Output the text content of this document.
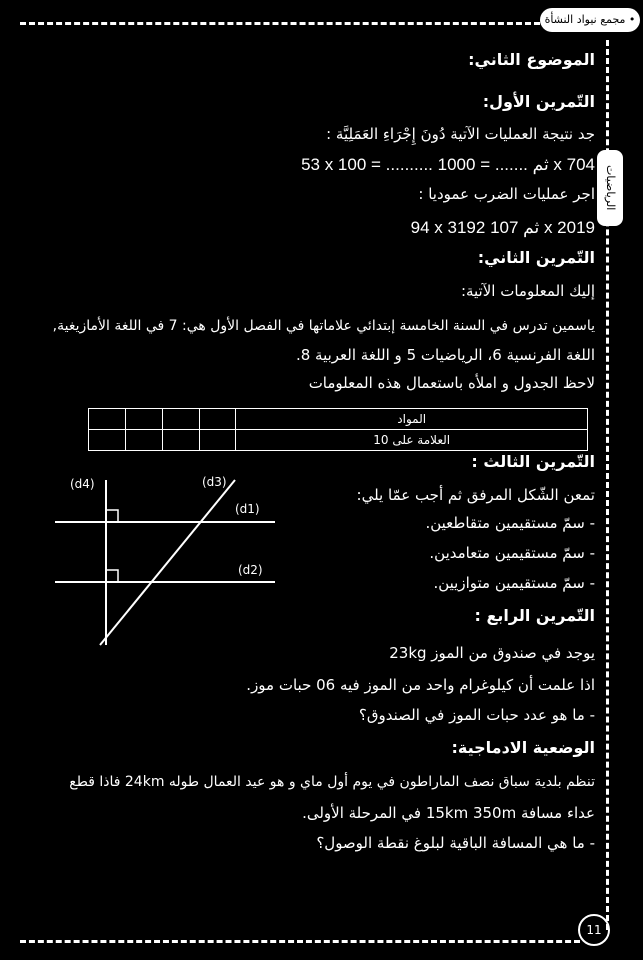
• مجمع نيواد النشأة ق
الرياضيات
11
الموضوع الثاني:
التّمرين الأول:
جد نتيجة العمليات الآتية دُونَ إِجْرَاءِ العَمَلِيَّة :
53 x 100 = .......... ثم ....... = 1000 x 704
اجر عمليات الضرب عموديا :
94 x 3192 ثم 107 x 2019
التّمرين الثاني:
إليك المعلومات الآتية:
ياسمين تدرس في السنة الخامسة إبتدائي علاماتها في الفصل الأول هي: 7 في اللغة الأمازيغية,
اللغة الفرنسية 6، الرياضيات 5 و اللغة العربية 8.
لاحظ الجدول و املأه باستعمال هذه المعلومات
				المواد
				العلامة على 10
التّمرين الثالث :
تمعن الشّكل المرفق ثم أجب عمّا يلي:
- سمّ مستقيمين متقاطعين.
- سمّ مستقيمين متعامدين.
- سمّ مستقيمين متوازيين.
(d4)	(d3)
(d1)
(d2)
التّمرين الرابع :
يوجد في صندوق من الموز 23kg
اذا علمت أن كيلوغرام واحد من الموز فيه 06 حبات موز.
- ما هو عدد حبات الموز في الصندوق؟
الوضعية الادماجية:
تنظم بلدية سباق نصف الماراطون في يوم أول ماي و هو عيد العمال طوله 24km فاذا قطع
عداء مسافة 15km 350m في المرحلة الأولى.
- ما هي المسافة الباقية لبلوغ نقطة الوصول؟
